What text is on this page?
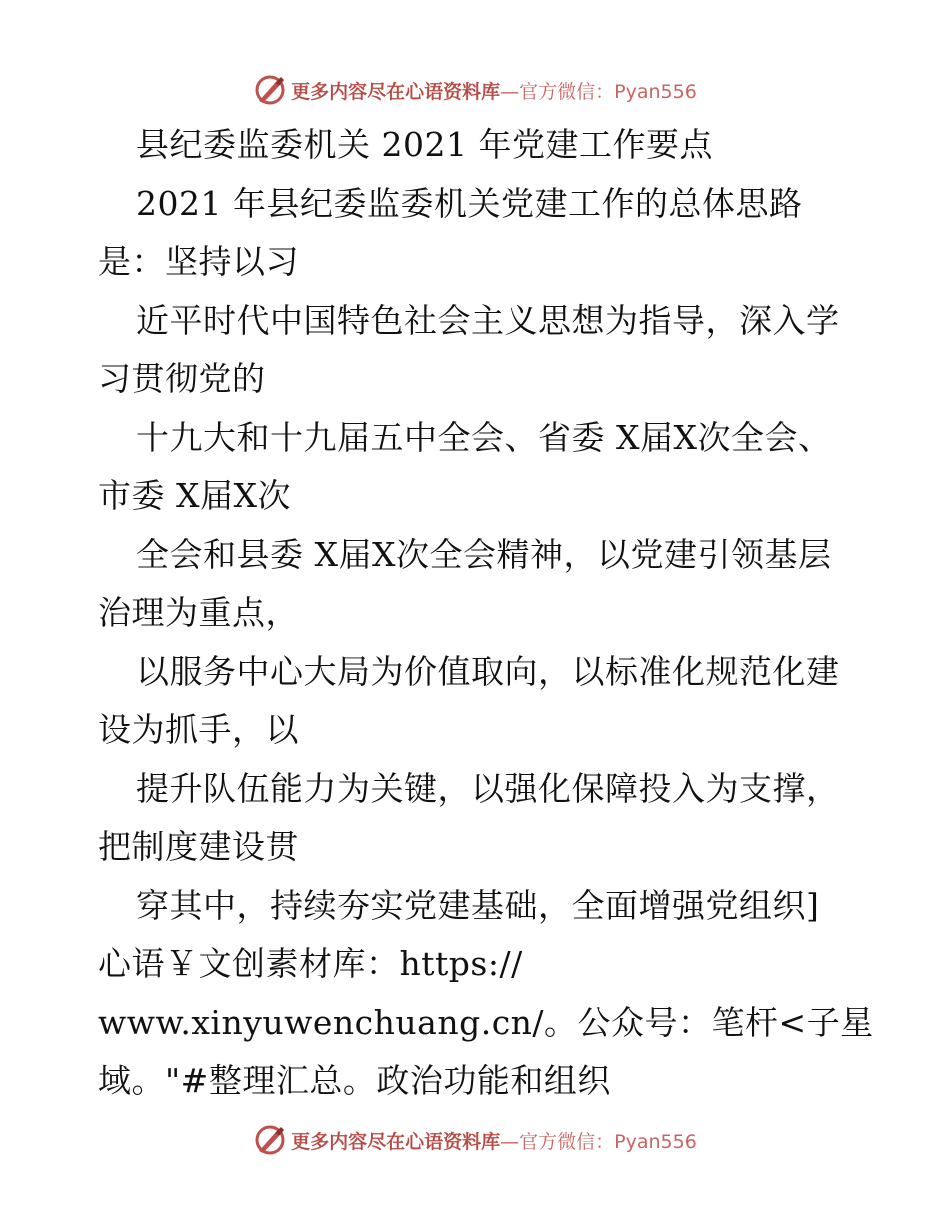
更多内容尽在心语资料库—官方微信：Pyan556
县纪委监委机关 2021 年党建工作要点
2021 年县纪委监委机关党建工作的总体思路
是：坚持以习
近平时代中国特色社会主义思想为指导，深入学
习贯彻党的
十九大和十九届五中全会、省委 X届X次全会、
市委 X届X次
全会和县委 X届X次全会精神，以党建引领基层
治理为重点，
以服务中心大局为价值取向，以标准化规范化建
设为抓手，以
提升队伍能力为关键，以强化保障投入为支撑，
把制度建设贯
穿其中，持续夯实党建基础，全面增强党组织]
心语￥文创素材库：https://
www.xinyuwenchuang.cn/。公众号：笔杆<子星
域。"#整理汇总。政治功能和组织
更多内容尽在心语资料库—官方微信：Pyan556
